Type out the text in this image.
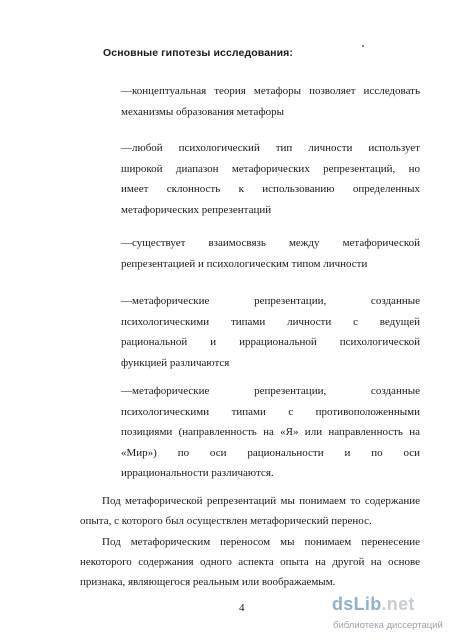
Основные гипотезы исследования:
—концептуальная теория метафоры позволяет исследовать
механизмы образования метафоры
—любой психологический тип личности использует
широкой диапазон метафорических репрезентаций, но
имеет склонность к использованию определенных
метафорических репрезентаций
—существует взаимосвязь между метафорической
репрезентацией и психологическим типом личности
—метафорические репрезентации, созданные
психологическими типами личности с ведущей
рациональной и иррациональной психологической
функцией различаются
—метафорические репрезентации, созданные
психологическими типами с противоположенными
позициями (направленность на «Я» или направленность на
«Мир») по оси рациональности и по оси
иррациональности различаются.
Под метафорической репрезентаций мы понимаем то содержание
опыта, с которого был осуществлен метафорический перенос.
Под метафорическим переносом мы понимаем перенесение
некоторого содержания одного аспекта опыта на другой на основе
признака, являющегося реальным или воображаемым.
4	dsLib.net
библиотека диссертаций
